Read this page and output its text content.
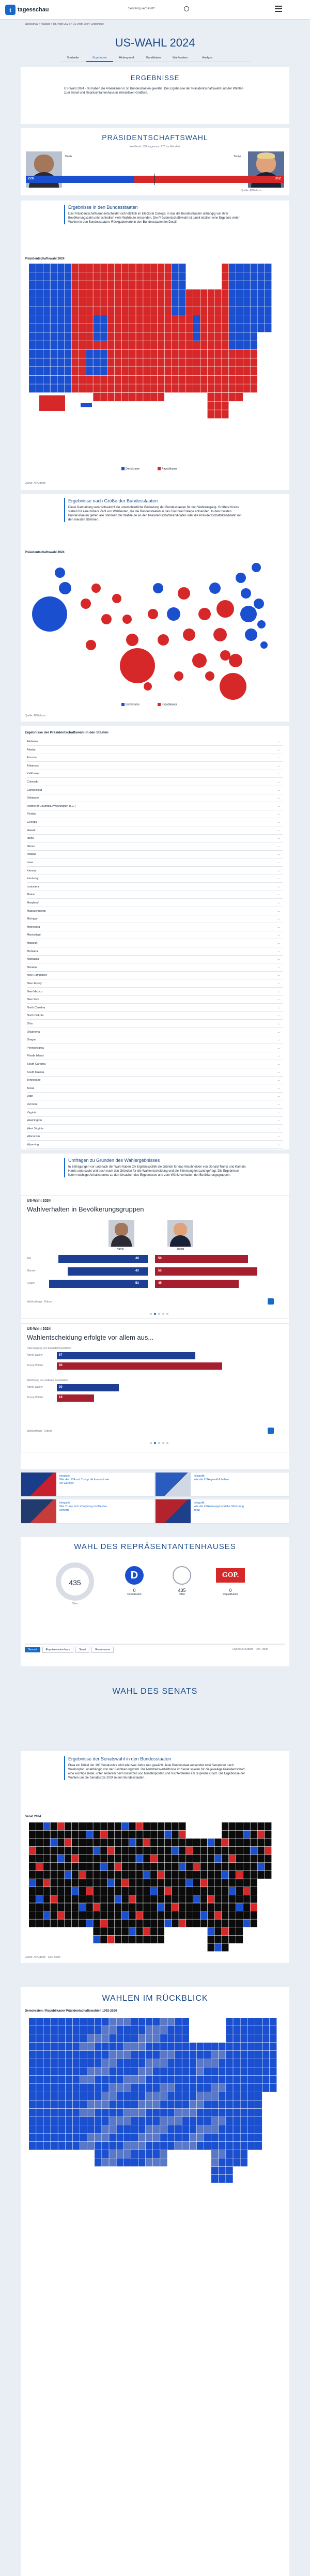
t	tagesschau	Sendung verpasst?
tagesschau > Ausland > US-Wahl 2024 > US-Wahl 2024: Ergebnisse
US-WAHL 2024
Startseite	Ergebnisse	Hintergrund	Kandidaten	Wahlsystem	Analyse
ERGEBNISSE
US-Wahl 2024 · So haben die Amerikaner in 50 Bundesstaaten gewählt. Die Ergebnisse der Präsidentschaftswahl und der Wahlen zum Senat und Repräsentantenhaus in interaktiven Grafiken.
PRÄSIDENTSCHAFTSWAHL
Wahlleute, 538 insgesamt, 270 zur Mehrheit
Harris	Trump
226	312
Quelle: AP/Edison
Ergebnisse in den Bundesstaaten
Das Präsidentschaftsamt entscheidet sich letztlich im Electoral College, in das die Bundesstaaten abhängig von ihrer Bevölkerungszahl unterschiedlich viele Wahlleute entsenden. Die Präsidentschaftswahl ist damit letztlich eine Ergebnis vieler Wahlen in den Bundesstaaten. Rückgabewerte in den Bundesstaaten im Detail.
Präsidentschaftswahl 2024
Demokraten	Republikaner
Quelle: AP/Edison
Ergebnisse nach Größe der Bundesstaaten
Diese Darstellung veranschaulicht die unterschiedliche Bedeutung der Bundesstaaten für den Wahlausgang. Größere Kreise stehen für eine höhere Zahl von Wahlleuten, die die Bundesstaaten in das Electoral College entsenden. In den meisten Bundesstaaten gehen alle Stimmen der Wahlleute an den Präsidentschaftskandidaten oder die Präsidentschaftskandidatin mit den meisten Stimmen.
Präsidentschaftswahl 2024
Demokraten	Republikaner
Quelle: AP/Edison
Ergebnisse der Präsidentschaftswahl in den Staaten
Alabama	⌄
Alaska	⌄
Arizona	⌄
Arkansas	⌄
Kalifornien	⌄
Colorado	⌄
Connecticut	⌄
Delaware	⌄
District of Columbia (Washington D.C.)	⌄
Florida	⌄
Georgia	⌄
Hawaii	⌄
Idaho	⌄
Illinois	⌄
Indiana	⌄
Iowa	⌄
Kansas	⌄
Kentucky	⌄
Louisiana	⌄
Maine	⌄
Maryland	⌄
Massachusetts	⌄
Michigan	⌄
Minnesota	⌄
Mississippi	⌄
Missouri	⌄
Montana	⌄
Nebraska	⌄
Nevada	⌄
New Hampshire	⌄
New Jersey	⌄
New Mexico	⌄
New York	⌄
North Carolina	⌄
North Dakota	⌄
Ohio	⌄
Oklahoma	⌄
Oregon	⌄
Pennsylvania	⌄
Rhode Island	⌄
South Carolina	⌄
South Dakota	⌄
Tennessee	⌄
Texas	⌄
Utah	⌄
Vermont	⌄
Virginia	⌄
Washington	⌄
West Virginia	⌄
Wisconsin	⌄
Wyoming	⌄
Umfragen zu Gründen des Wahlergebnisses
In Befragungen vor und nach der Wahl haben CA Ergebnispolitik die Gründe für das Abschneiden von Donald Trump und Kamala Harris untersucht und auch nach den Gründen für die Wahlentscheidung und die Stimmung im Land gefragt. Die Ergebnisse liefern wichtige Anhaltspunkte zu den Ursachen des Ergebnisses und zum Wählerverhalten der Bevölkerungsgruppen.
US-Wahl 2024
Wahlverhalten in Bevölkerungsgruppen
Harris	Trump
Alle	48	50
Männer	43	55
Frauen	53	45
Wahlumfrage · Edison
US-Wahl 2024
Wahlentscheidung erfolgte vor allem aus...
Überzeugung von Kandidat/Kandidatin
Ablehnung der anderen Kandidaten
Harris-Wähler	67
Trump-Wähler	80
Harris-Wähler	30
Trump-Wähler	18
Wahlumfrage · Edison
Infografik
Wie die USA auf Trump blicken und wie sie wählten
Infografik
Wie die USA gewählt haben
Infografik
Wie Trump sich Vorsprung im Westen sicherte
Infografik
Wie die USA bewegt sind die Stimmung zeigt
WAHL DES REPRÄSENTANTENHAUSES
435
Sitze
D
0
Demokraten
435
Offen
GOP.
0
Republikaner
Gesamt	Repräsentantenhaus	Senat	Gouverneure	Quelle: AP/Edison · Live-Ticker
WAHL DES SENATS
Ergebnisse der Senatswahl in den Bundesstaaten
Etwa ein Drittel der 100 Senatssitze wird alle zwei Jahre neu gewählt. Jede Bundesstaat entsendet zwei Senatoren nach Washington, unabhängig von der Bevölkerungszahl. Die Mehrheitsverhältnisse im Senat spielen für die jeweilige Präsidentschaft eine wichtige Rolle, unter anderem beim Besetzen von Ministerposten und Richterstellen am Supreme Court. Die Ergebnisse der Wahlen um die Senatssitze 2024 in den Bundesstaaten.
Senat 2024
Quelle: AP/Edison · Live-Ticker
WAHLEN IM RÜCKBLICK
Demokraten / Republikaner Präsidentschaftswahlen 1992-2020
